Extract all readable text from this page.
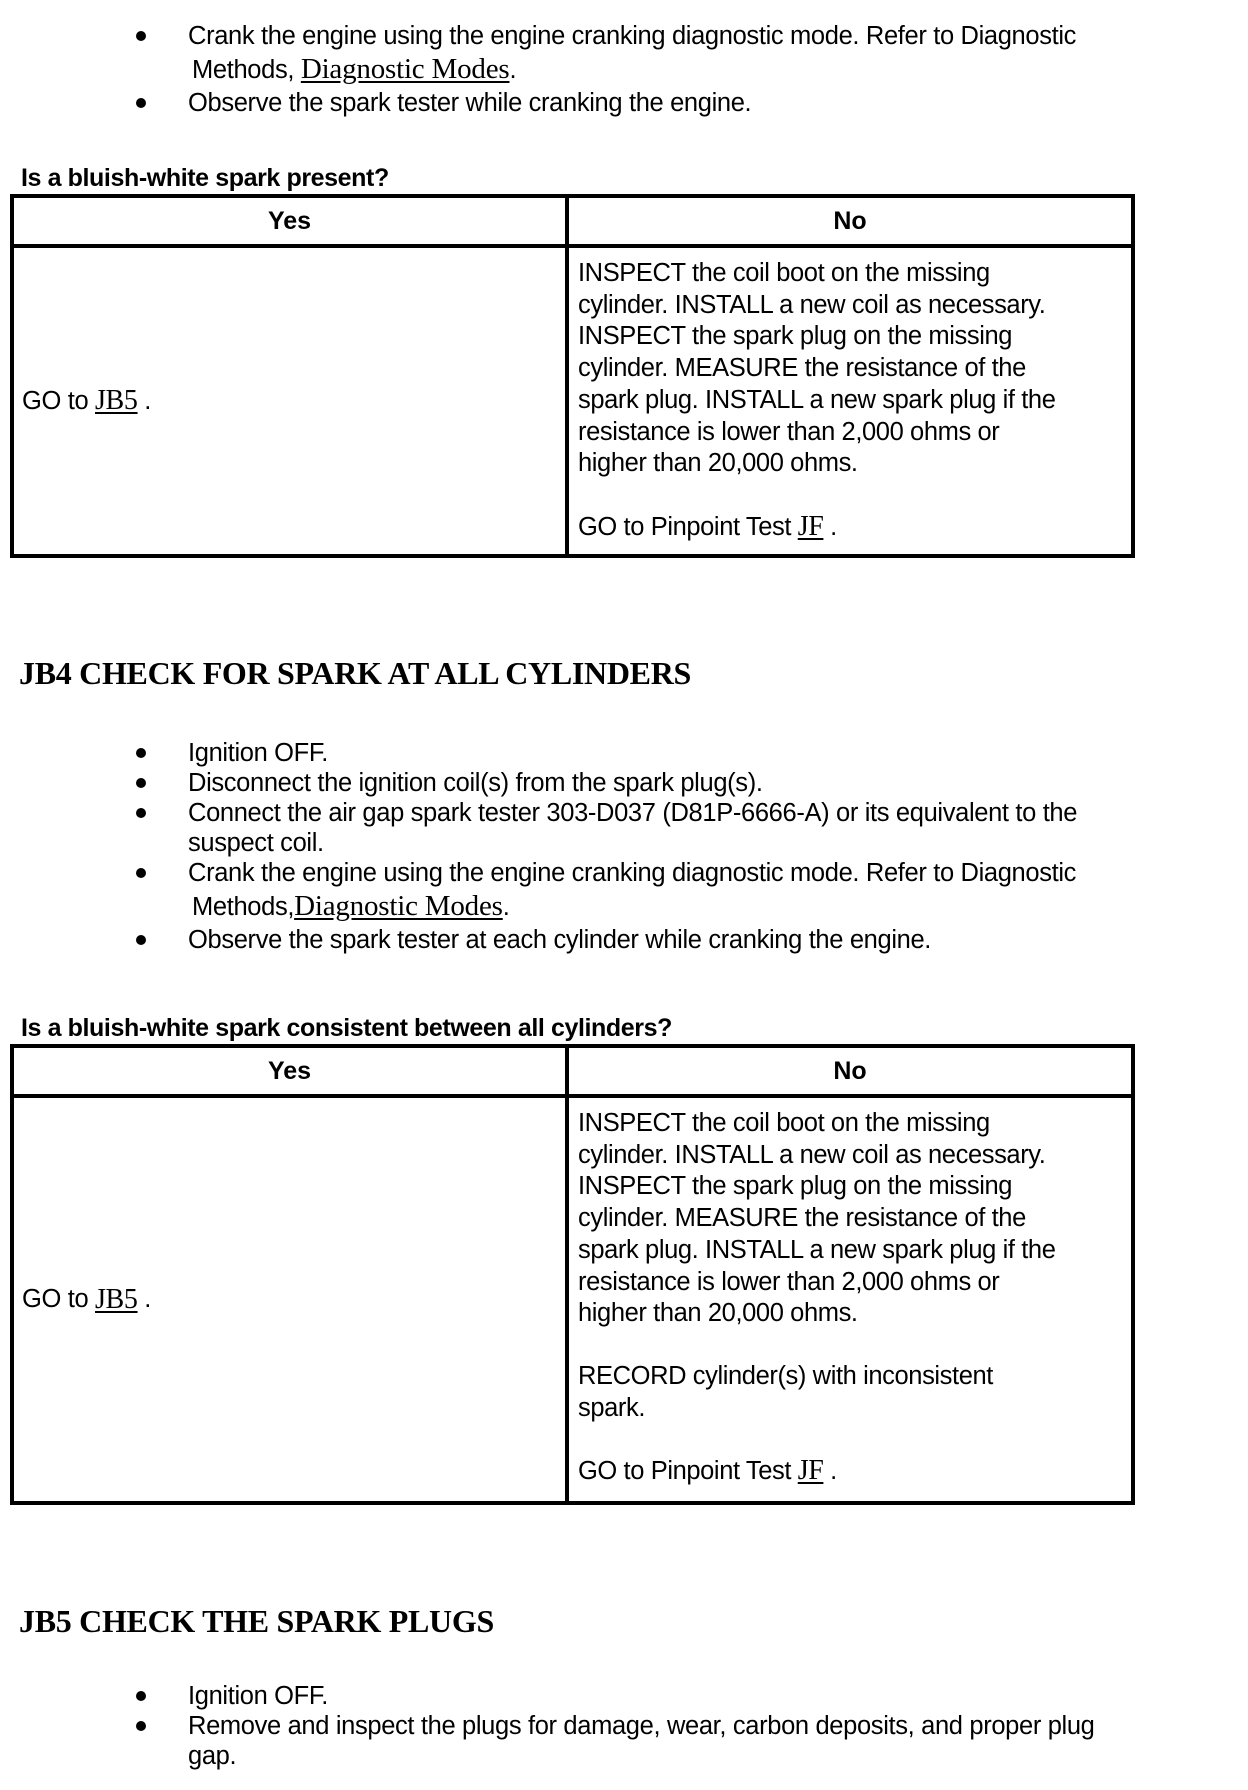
Crank the engine using the engine cranking diagnostic mode. Refer to Diagnostic
Methods, Diagnostic Modes.
Observe the spark tester while cranking the engine.
Is a bluish-white spark present?
Yes	No
GO to JB5 .

INSPECT the coil boot on the missing
cylinder. INSTALL a new coil as necessary.
INSPECT the spark plug on the missing
cylinder. MEASURE the resistance of the
spark plug. INSTALL a new spark plug if the
resistance is lower than 2,000 ohms or
higher than 20,000 ohms.

GO to Pinpoint Test JF .

JB4 CHECK FOR SPARK AT ALL CYLINDERS
Ignition OFF.
Disconnect the ignition coil(s) from the spark plug(s).
Connect the air gap spark tester 303-D037 (D81P-6666-A) or its equivalent to the
suspect coil.
Crank the engine using the engine cranking diagnostic mode. Refer to Diagnostic
Methods,Diagnostic Modes.
Observe the spark tester at each cylinder while cranking the engine.
Is a bluish-white spark consistent between all cylinders?
Yes	No
GO to JB5 .

INSPECT the coil boot on the missing
cylinder. INSTALL a new coil as necessary.
INSPECT the spark plug on the missing
cylinder. MEASURE the resistance of the
spark plug. INSTALL a new spark plug if the
resistance is lower than 2,000 ohms or
higher than 20,000 ohms.

RECORD cylinder(s) with inconsistent
spark.

GO to Pinpoint Test JF .

JB5 CHECK THE SPARK PLUGS
Ignition OFF.
Remove and inspect the plugs for damage, wear, carbon deposits, and proper plug
gap.
